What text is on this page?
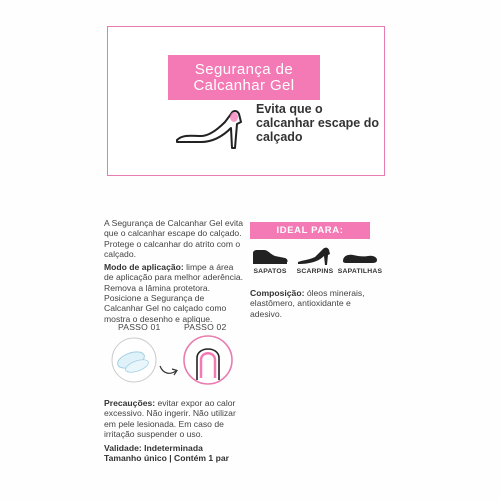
Segurança de
Calcanhar Gel
Evita que o calcanhar escape do calçado

A Segurança de Calcanhar Gel evita que o calcanhar escape do calçado. Protege o calcanhar do atrito com o calçado.

Modo de aplicação: limpe a área de aplicação para melhor aderência. Remova a lâmina protetora. Posicione a Segurança de Calcanhar Gel no calçado como mostra o desenho e aplique.

PASSO 01	PASSO 02

Precauções: evitar expor ao calor excessivo. Não ingerir. Não utilizar em pele lesionada. Em caso de irritação suspender o uso.

Validade: Indeterminada

Tamanho único | Contém 1 par

IDEAL PARA:
SAPATOS	SCARPINS SAPATILHAS
Composição: óleos minerais, elastômero, antioxidante e adesivo.
